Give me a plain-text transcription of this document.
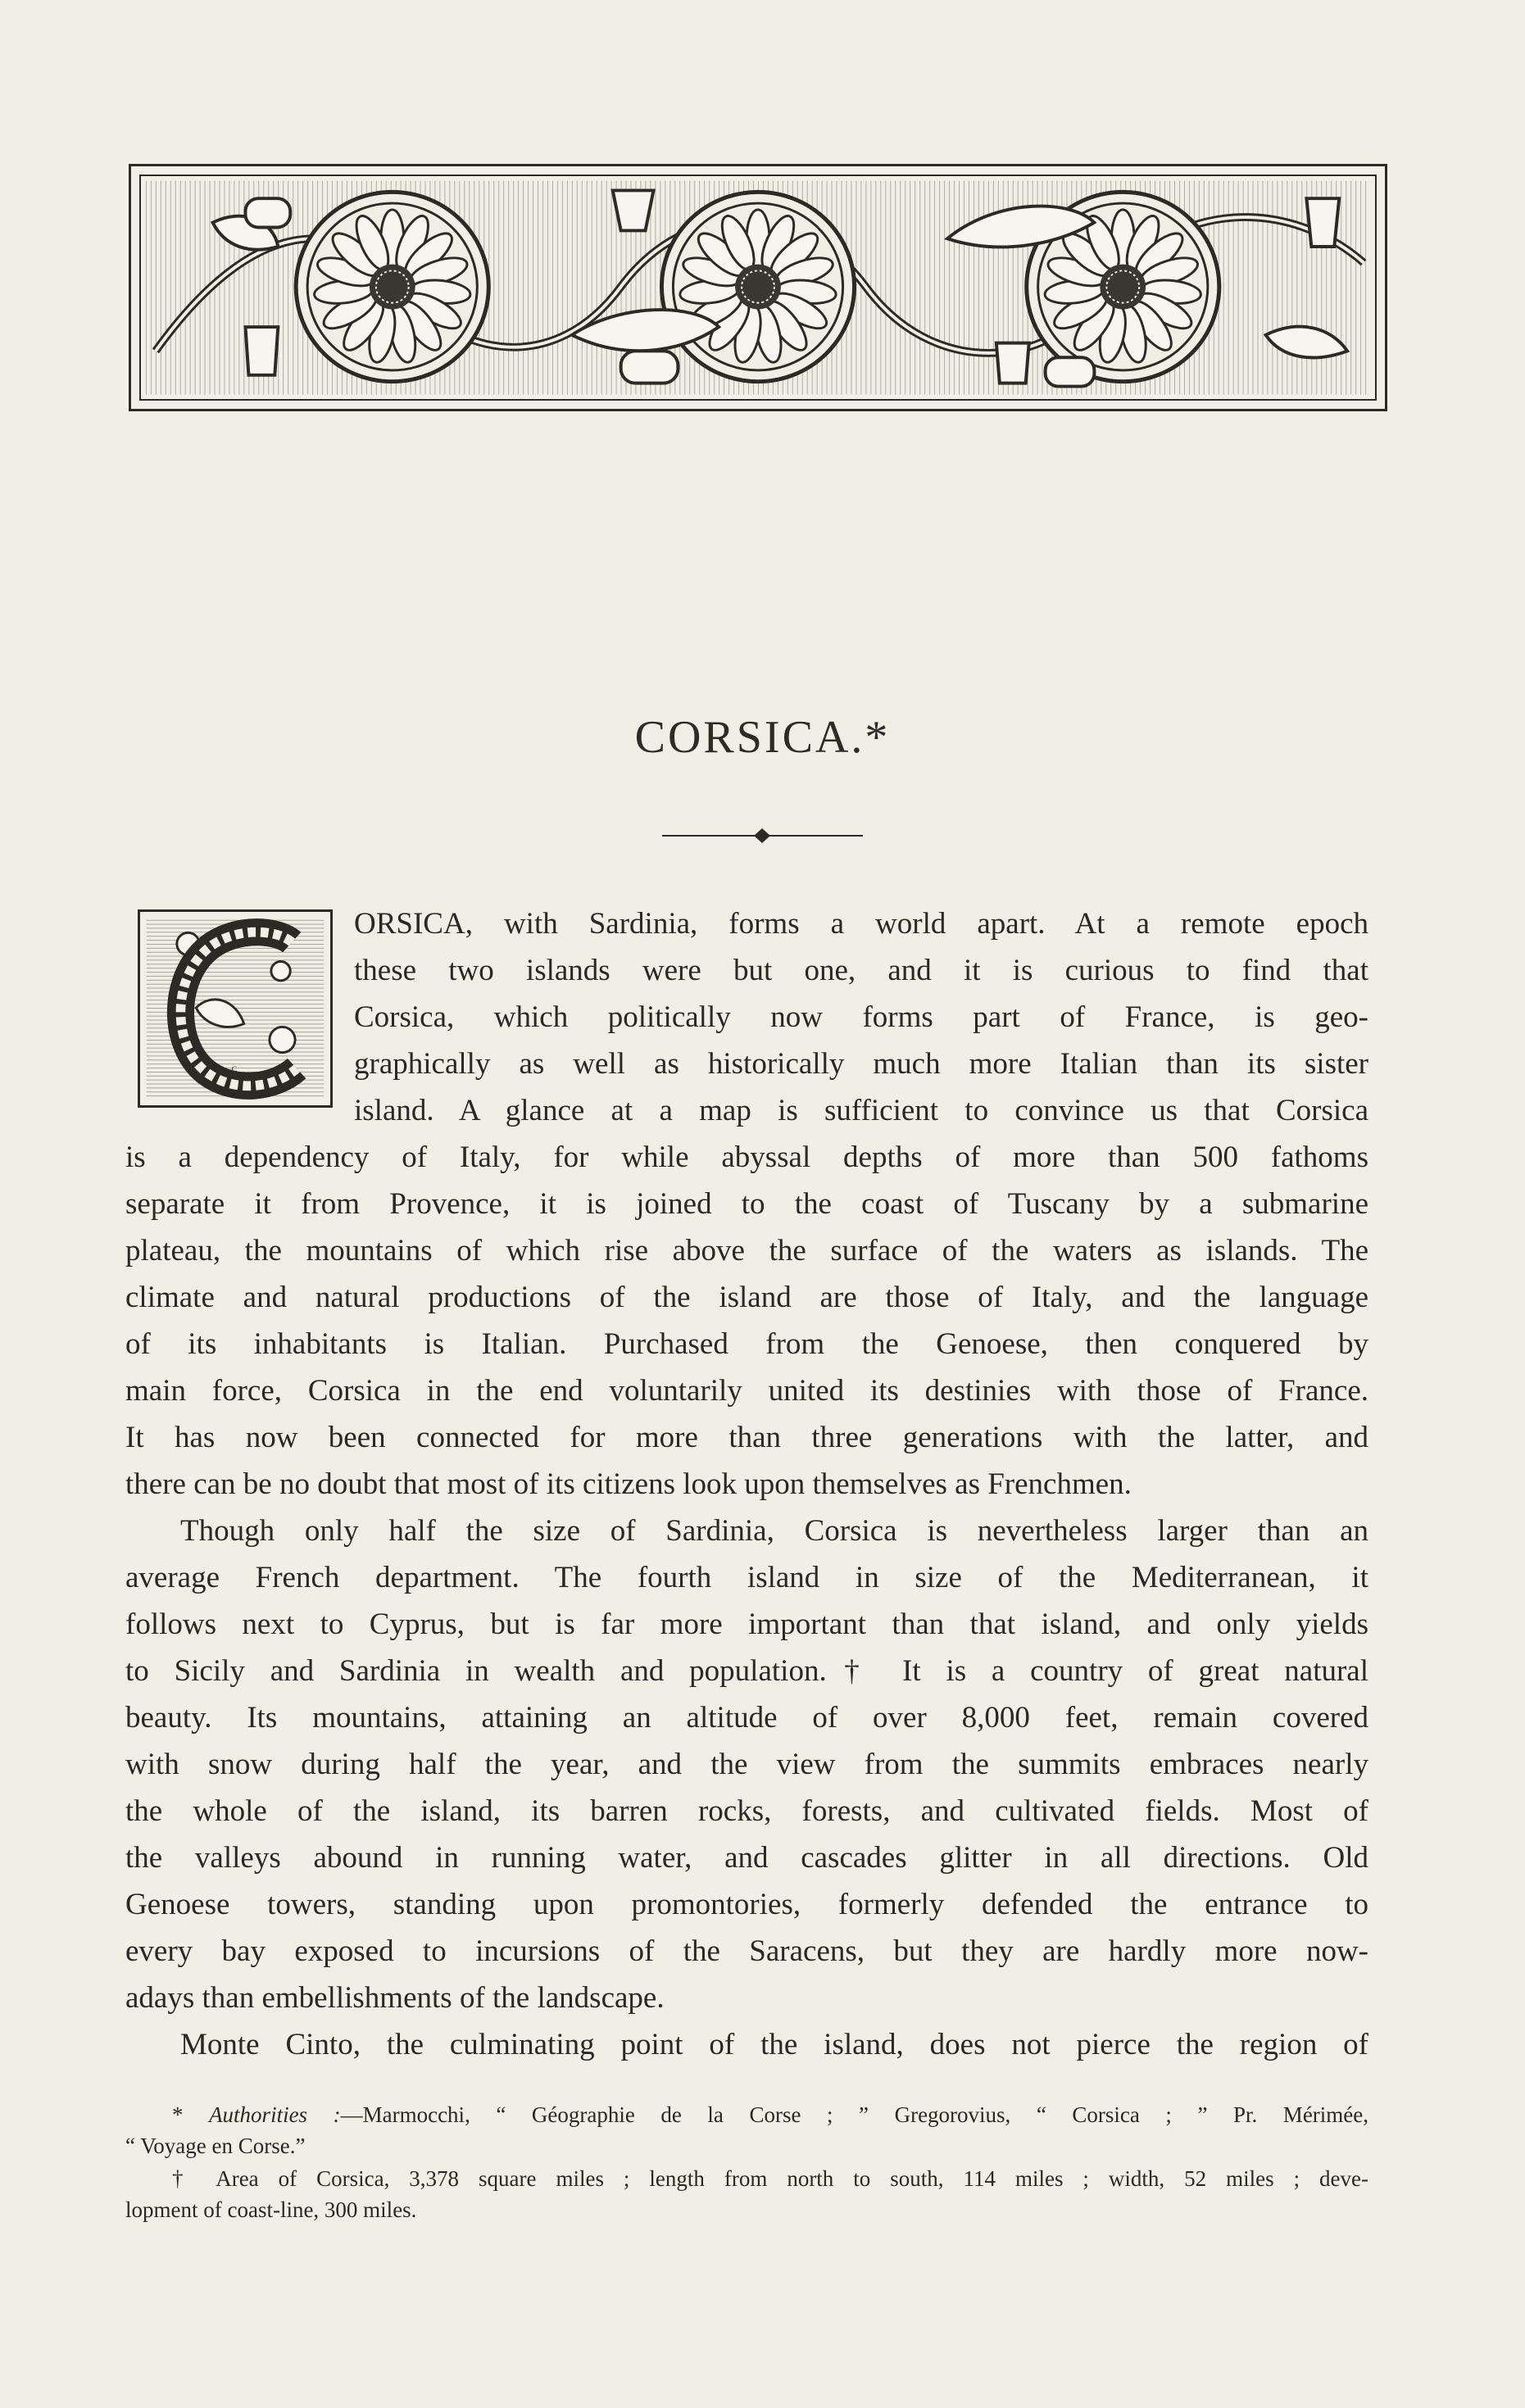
CORSICA.*
C
ORSICA, with Sardinia, forms a world apart. At a remote epoch
these two islands were but one, and it is curious to find that
Corsica, which politically now forms part of France, is geo-
graphically as well as historically much more Italian than its sister
island. A glance at a map is sufficient to convince us that Corsica
is a dependency of Italy, for while abyssal depths of more than 500 fathoms
separate it from Provence, it is joined to the coast of Tuscany by a submarine
plateau, the mountains of which rise above the surface of the waters as islands. The
climate and natural productions of the island are those of Italy, and the language
of its inhabitants is Italian. Purchased from the Genoese, then conquered by
main force, Corsica in the end voluntarily united its destinies with those of France.
It has now been connected for more than three generations with the latter, and
there can be no doubt that most of its citizens look upon themselves as Frenchmen.
Though only half the size of Sardinia, Corsica is nevertheless larger than an
average French department. The fourth island in size of the Mediterranean, it
follows next to Cyprus, but is far more important than that island, and only yields
to Sicily and Sardinia in wealth and population.† It is a country of great natural
beauty. Its mountains, attaining an altitude of over 8,000 feet, remain covered
with snow during half the year, and the view from the summits embraces nearly
the whole of the island, its barren rocks, forests, and cultivated fields. Most of
the valleys abound in running water, and cascades glitter in all directions. Old
Genoese towers, standing upon promontories, formerly defended the entrance to
every bay exposed to incursions of the Saracens, but they are hardly more now-
adays than embellishments of the landscape.
Monte Cinto, the culminating point of the island, does not pierce the region of
* Authorities :—Marmocchi, “ Géographie de la Corse ; ” Gregorovius, “ Corsica ; ” Pr. Mérimée,
“ Voyage en Corse.”
† Area of Corsica, 3,378 square miles ; length from north to south, 114 miles ; width, 52 miles ; deve-
lopment of coast-line, 300 miles.
